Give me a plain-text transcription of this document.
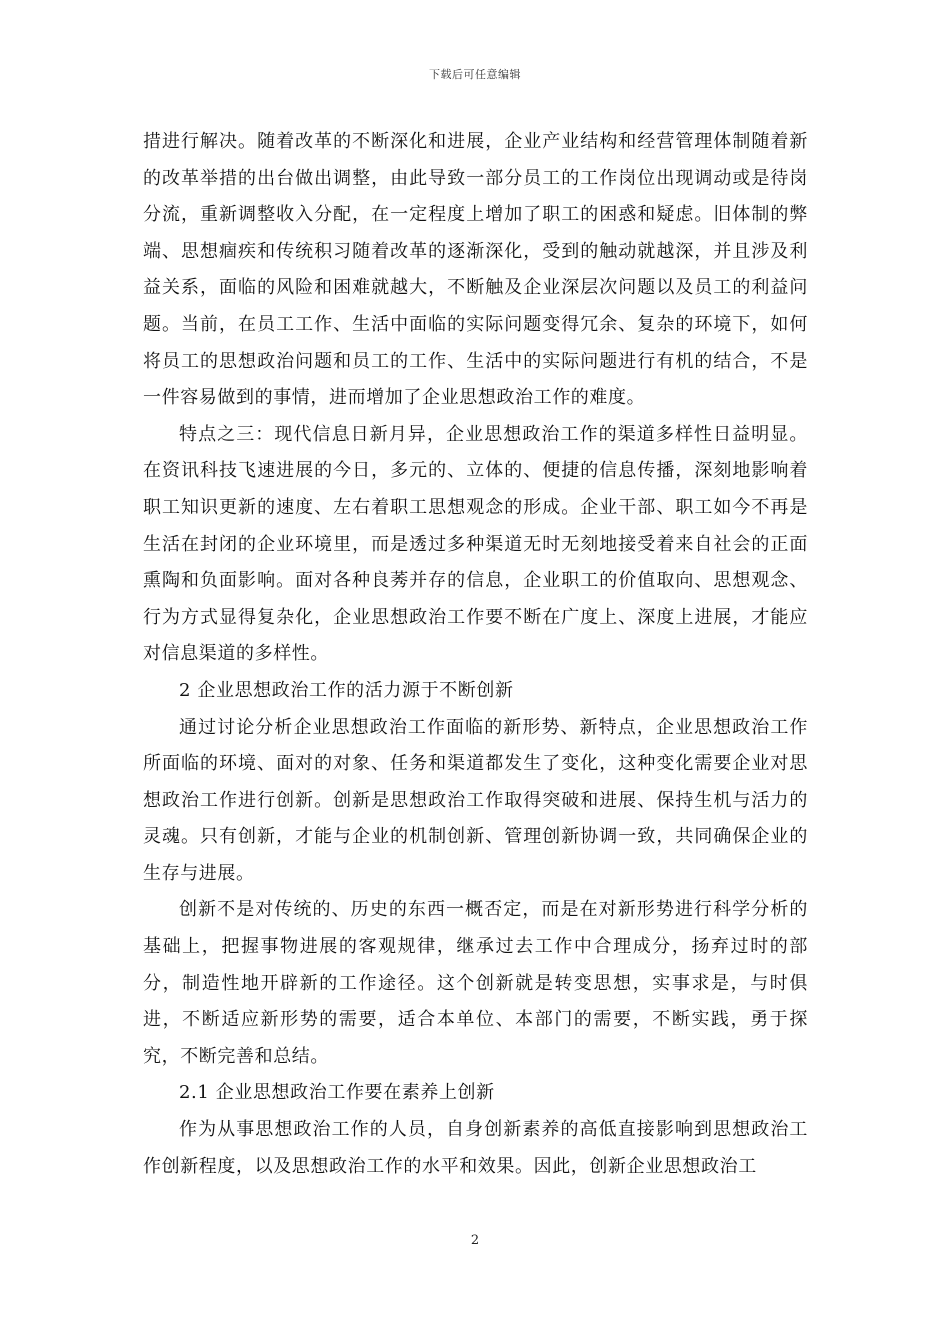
下载后可任意编辑

措进行解决。随着改革的不断深化和进展，企业产业结构和经营管理体制随着新的改革举措的出台做出调整，由此导致一部分员工的工作岗位出现调动或是待岗分流，重新调整收入分配，在一定程度上增加了职工的困惑和疑虑。旧体制的弊端、思想痼疾和传统积习随着改革的逐渐深化，受到的触动就越深，并且涉及利益关系，面临的风险和困难就越大，不断触及企业深层次问题以及员工的利益问题。当前，在员工工作、生活中面临的实际问题变得冗余、复杂的环境下，如何将员工的思想政治问题和员工的工作、生活中的实际问题进行有机的结合，不是一件容易做到的事情，进而增加了企业思想政治工作的难度。

特点之三：现代信息日新月异，企业思想政治工作的渠道多样性日益明显。在资讯科技飞速进展的今日，多元的、立体的、便捷的信息传播，深刻地影响着职工知识更新的速度、左右着职工思想观念的形成。企业干部、职工如今不再是生活在封闭的企业环境里，而是透过多种渠道无时无刻地接受着来自社会的正面熏陶和负面影响。面对各种良莠并存的信息，企业职工的价值取向、思想观念、行为方式显得复杂化，企业思想政治工作要不断在广度上、深度上进展，才能应对信息渠道的多样性。

2 企业思想政治工作的活力源于不断创新

通过讨论分析企业思想政治工作面临的新形势、新特点，企业思想政治工作所面临的环境、面对的对象、任务和渠道都发生了变化，这种变化需要企业对思想政治工作进行创新。创新是思想政治工作取得突破和进展、保持生机与活力的灵魂。只有创新，才能与企业的机制创新、管理创新协调一致，共同确保企业的生存与进展。

创新不是对传统的、历史的东西一概否定，而是在对新形势进行科学分析的基础上，把握事物进展的客观规律，继承过去工作中合理成分，扬弃过时的部分，制造性地开辟新的工作途径。这个创新就是转变思想，实事求是，与时俱进，不断适应新形势的需要，适合本单位、本部门的需要，不断实践，勇于探究，不断完善和总结。

2.1 企业思想政治工作要在素养上创新

作为从事思想政治工作的人员，自身创新素养的高低直接影响到思想政治工作创新程度，以及思想政治工作的水平和效果。因此，创新企业思想政治工

2
